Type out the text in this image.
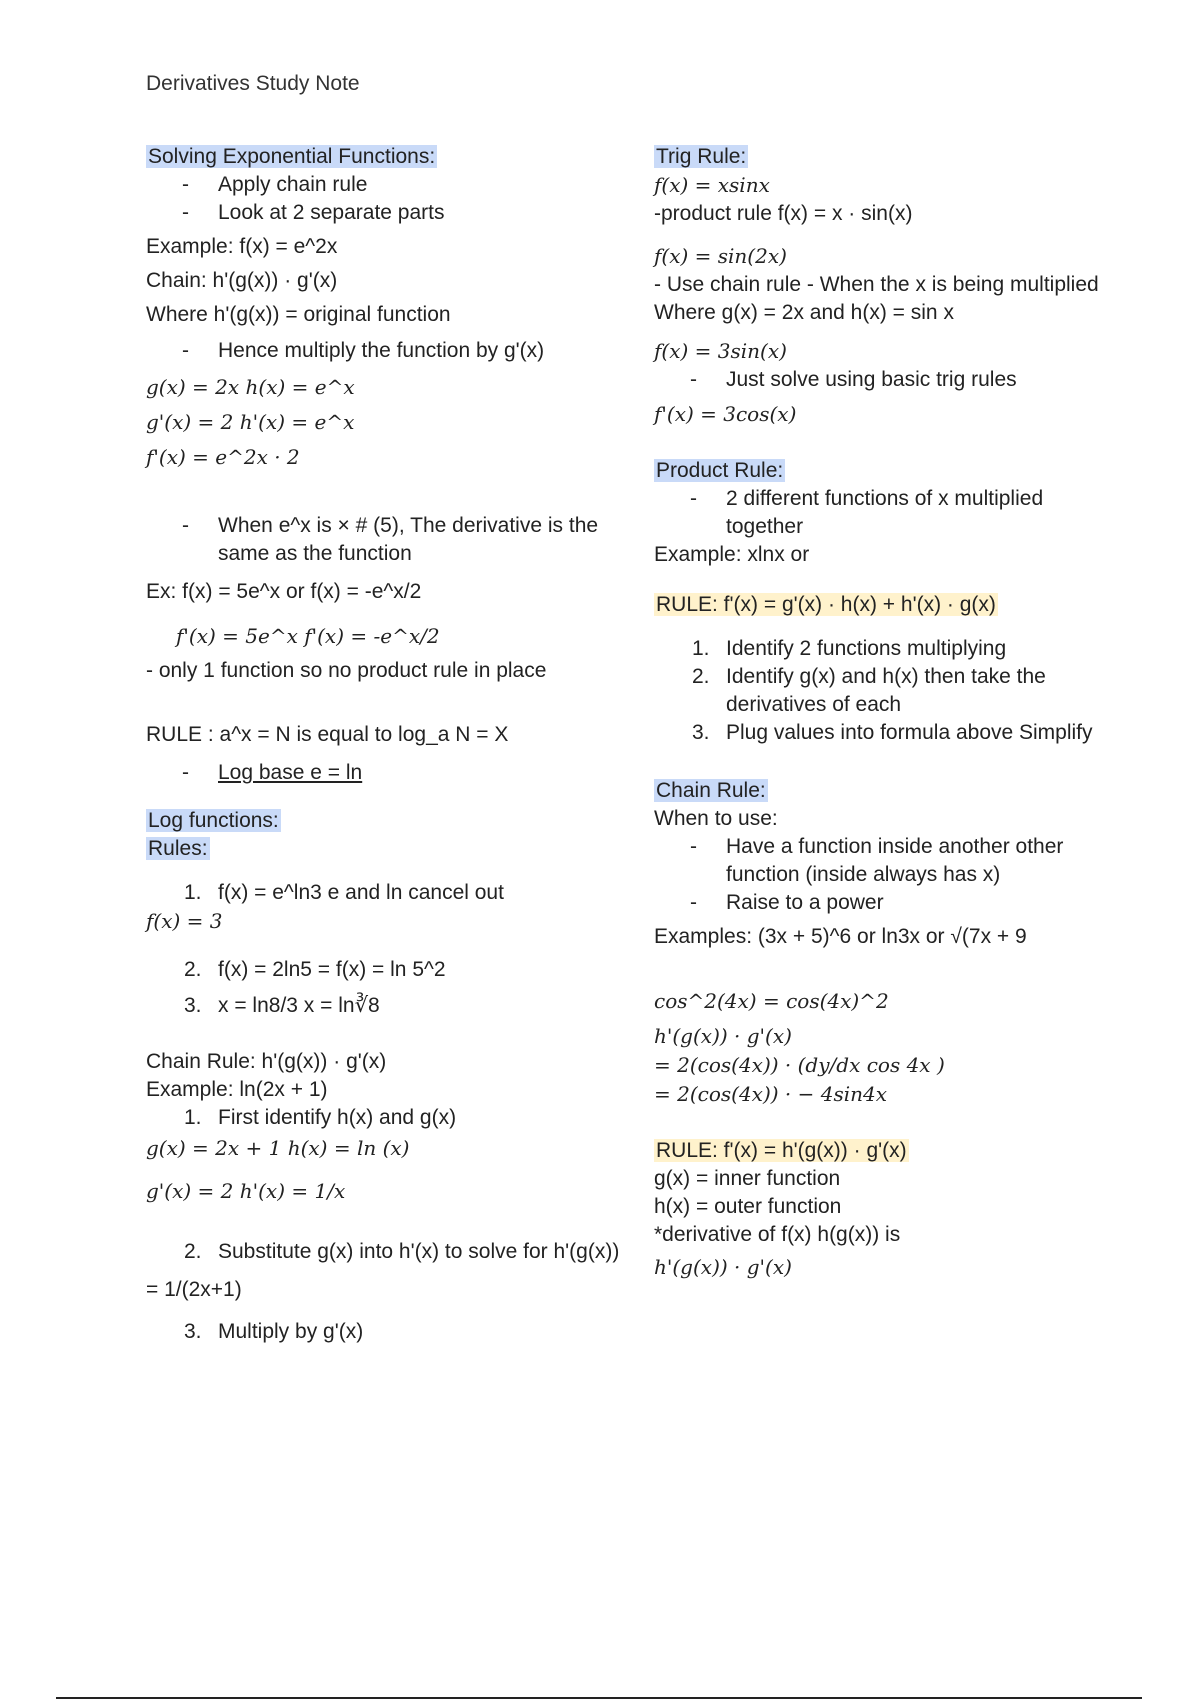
Derivatives Study Note
Solving Exponential Functions:
- Apply chain rule
- Look at 2 separate parts
Example: f(x) = e^2x
Chain: h'(g(x)) · g'(x)
Where h'(g(x)) = original function
- Hence multiply the function by g'(x)
g(x) = 2x h(x) = e^x
g'(x) = 2 h'(x) = e^x
f'(x) = e^2x · 2
- When e^x is × # (5), The derivative is the same as the function
Ex: f(x) = 5e^x or f(x) = -e^x/2
f'(x) = 5e^x f'(x) = -e^x/2
- only 1 function so no product rule in place
RULE : a^x = N is equal to log_a N = X
- Log base e = ln
Log functions:
Rules:
1. f(x) = e^ln3 e and ln cancel out
f(x) = 3
2. f(x) = 2ln5 = f(x) = ln 5^2
3. x = ln8/3 x = ln∛8
Chain Rule: h'(g(x)) · g'(x)
Example: ln(2x + 1)
1. First identify h(x) and g(x)
g(x) = 2x + 1 h(x) = ln (x)
g'(x) = 2 h'(x) = 1/x
2. Substitute g(x) into h'(x) to solve for h'(g(x))
= 1/(2x+1)
3. Multiply by g'(x)
Trig Rule:
f(x) = xsinx
-product rule f(x) = x · sin(x)
f(x) = sin(2x)
- Use chain rule - When the x is being multiplied
Where g(x) = 2x and h(x) = sin x
f(x) = 3sin(x)
- Just solve using basic trig rules
f'(x) = 3cos(x)
Product Rule:
- 2 different functions of x multiplied together
Example: xlnx or
RULE: f'(x) = g'(x) · h(x) + h'(x) · g(x)
1. Identify 2 functions multiplying
2. Identify g(x) and h(x) then take the derivatives of each
3. Plug values into formula above Simplify
Chain Rule:
When to use:
- Have a function inside another other function (inside always has x)
- Raise to a power
Examples: (3x + 5)^6 or ln3x or √(7x + 9
cos^2(4x) = cos(4x)^2
h'(g(x)) · g'(x)
= 2(cos(4x)) · (dy/dx cos 4x )
= 2(cos(4x)) · − 4sin4x
RULE: f'(x) = h'(g(x)) · g'(x)
g(x) = inner function
h(x) = outer function
*derivative of f(x) h(g(x)) is
h'(g(x)) · g'(x)
